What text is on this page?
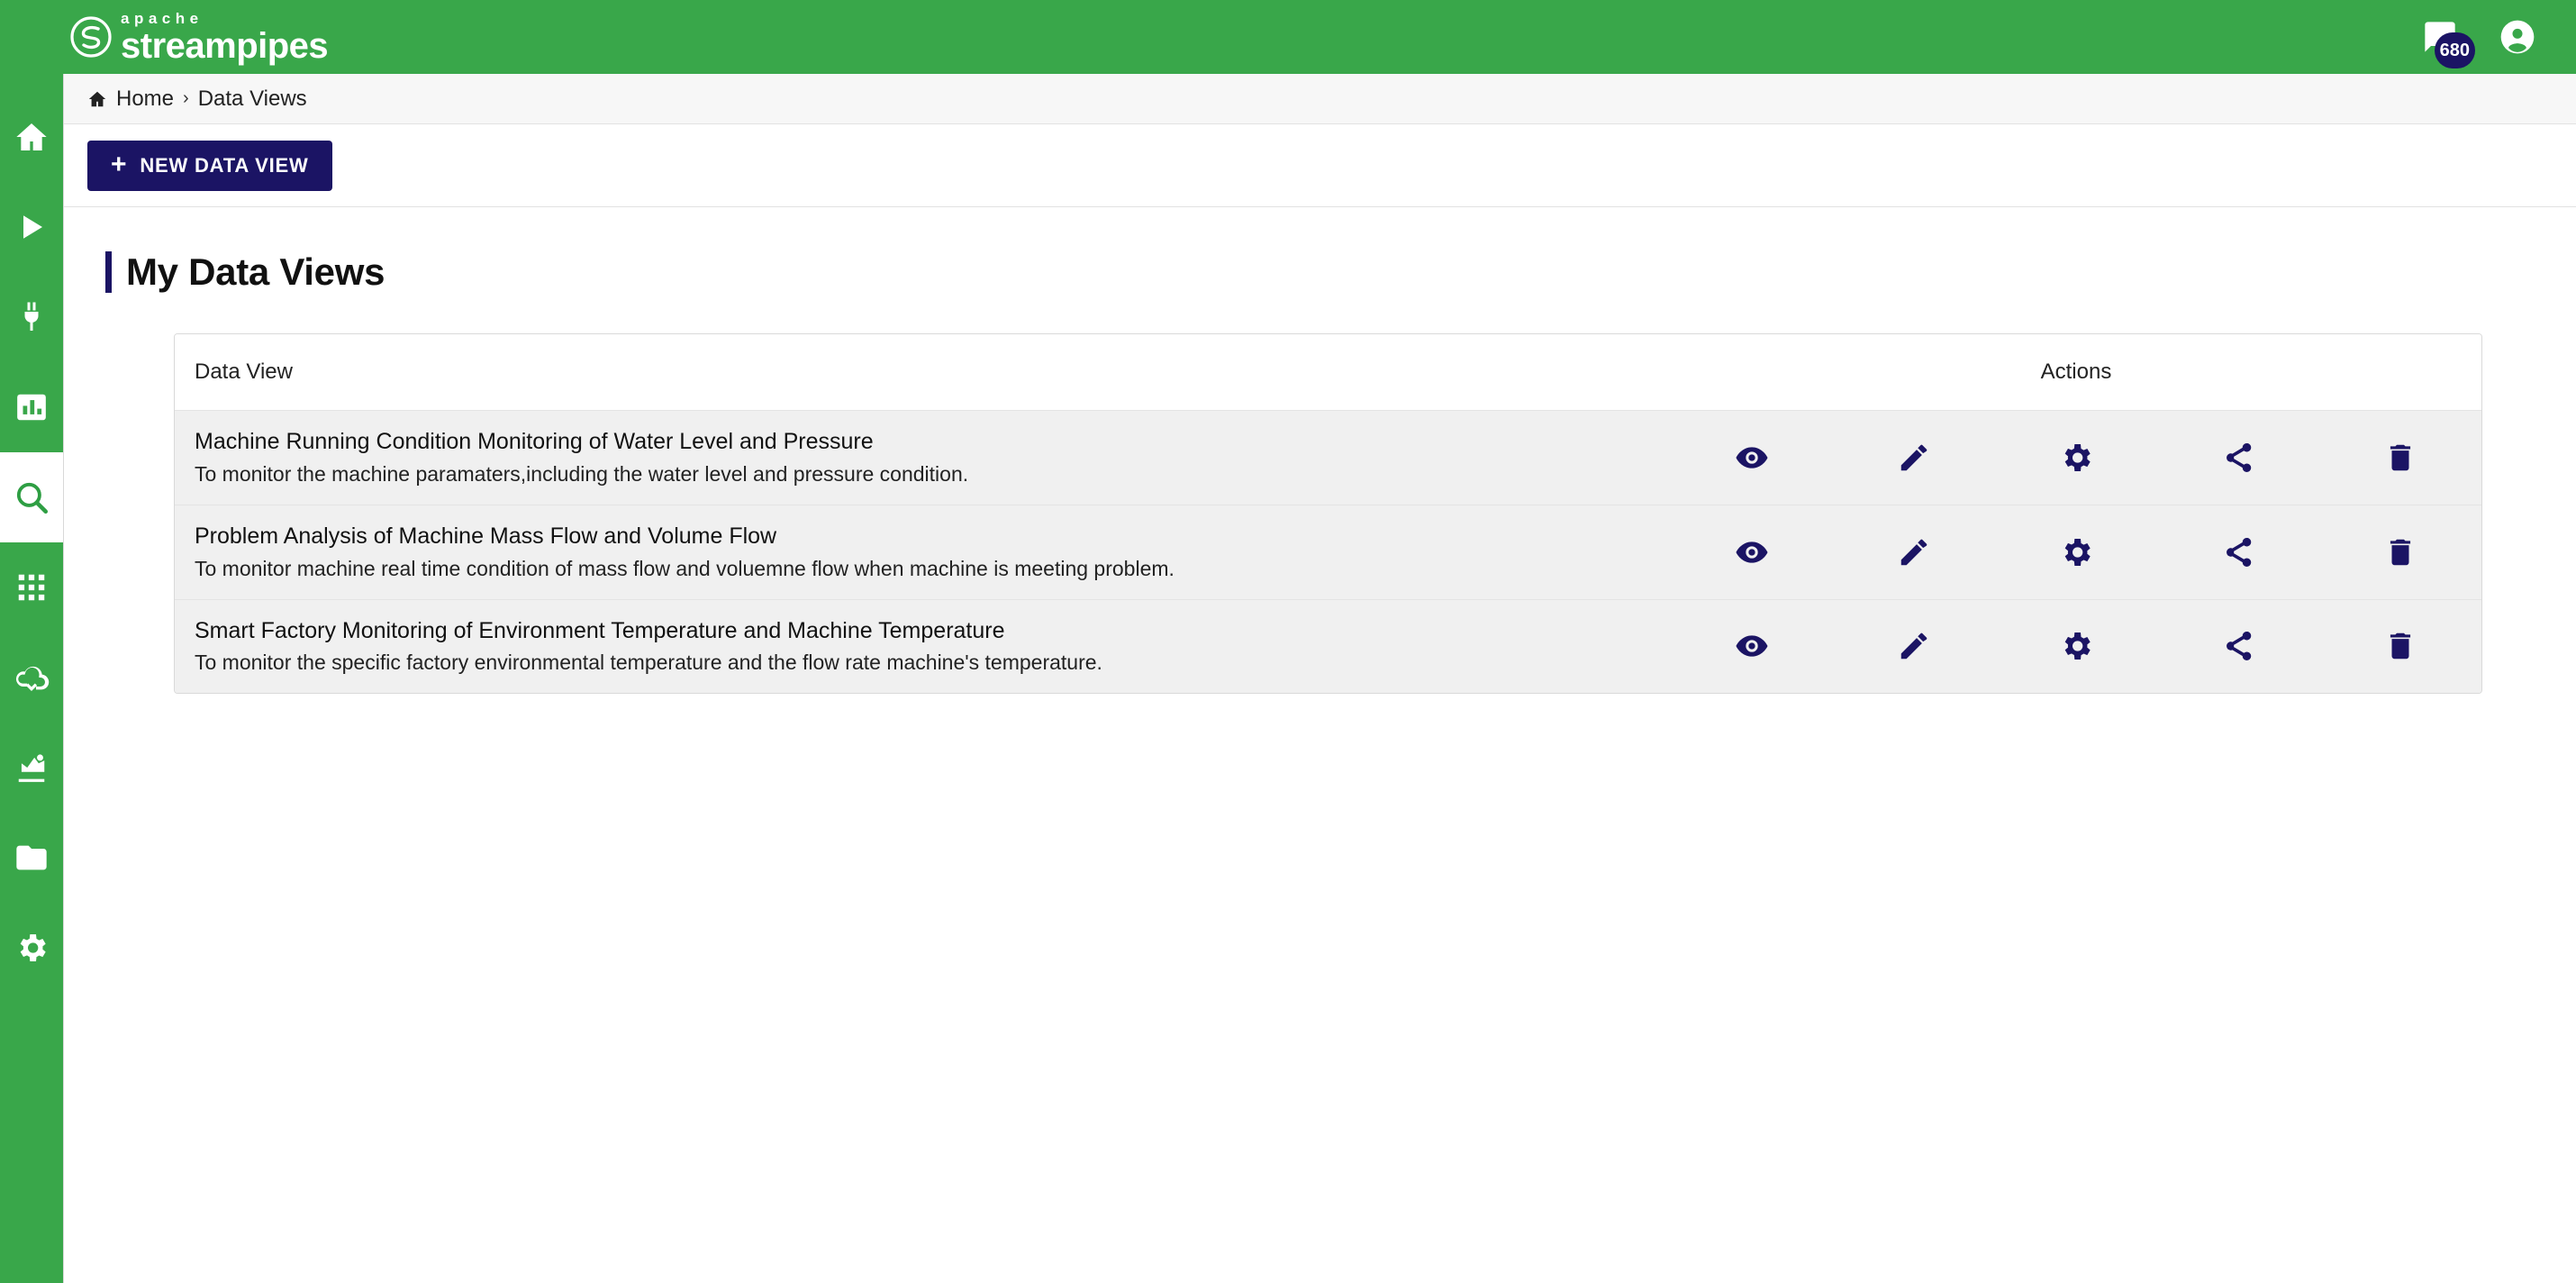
apache
streampipes	680
Home › Data Views
+ NEW DATA VIEW
My Data Views
Data View	Actions				

Machine Running Condition Monitoring of Water Level and Pressure
To monitor the machine paramaters,including the water level and pressure condition.

Problem Analysis of Machine Mass Flow and Volume Flow
To monitor machine real time condition of mass flow and voluemne flow when machine is meeting problem.

Smart Factory Monitoring of Environment Temperature and Machine Temperature
To monitor the specific factory environmental temperature and the flow rate machine's temperature.
